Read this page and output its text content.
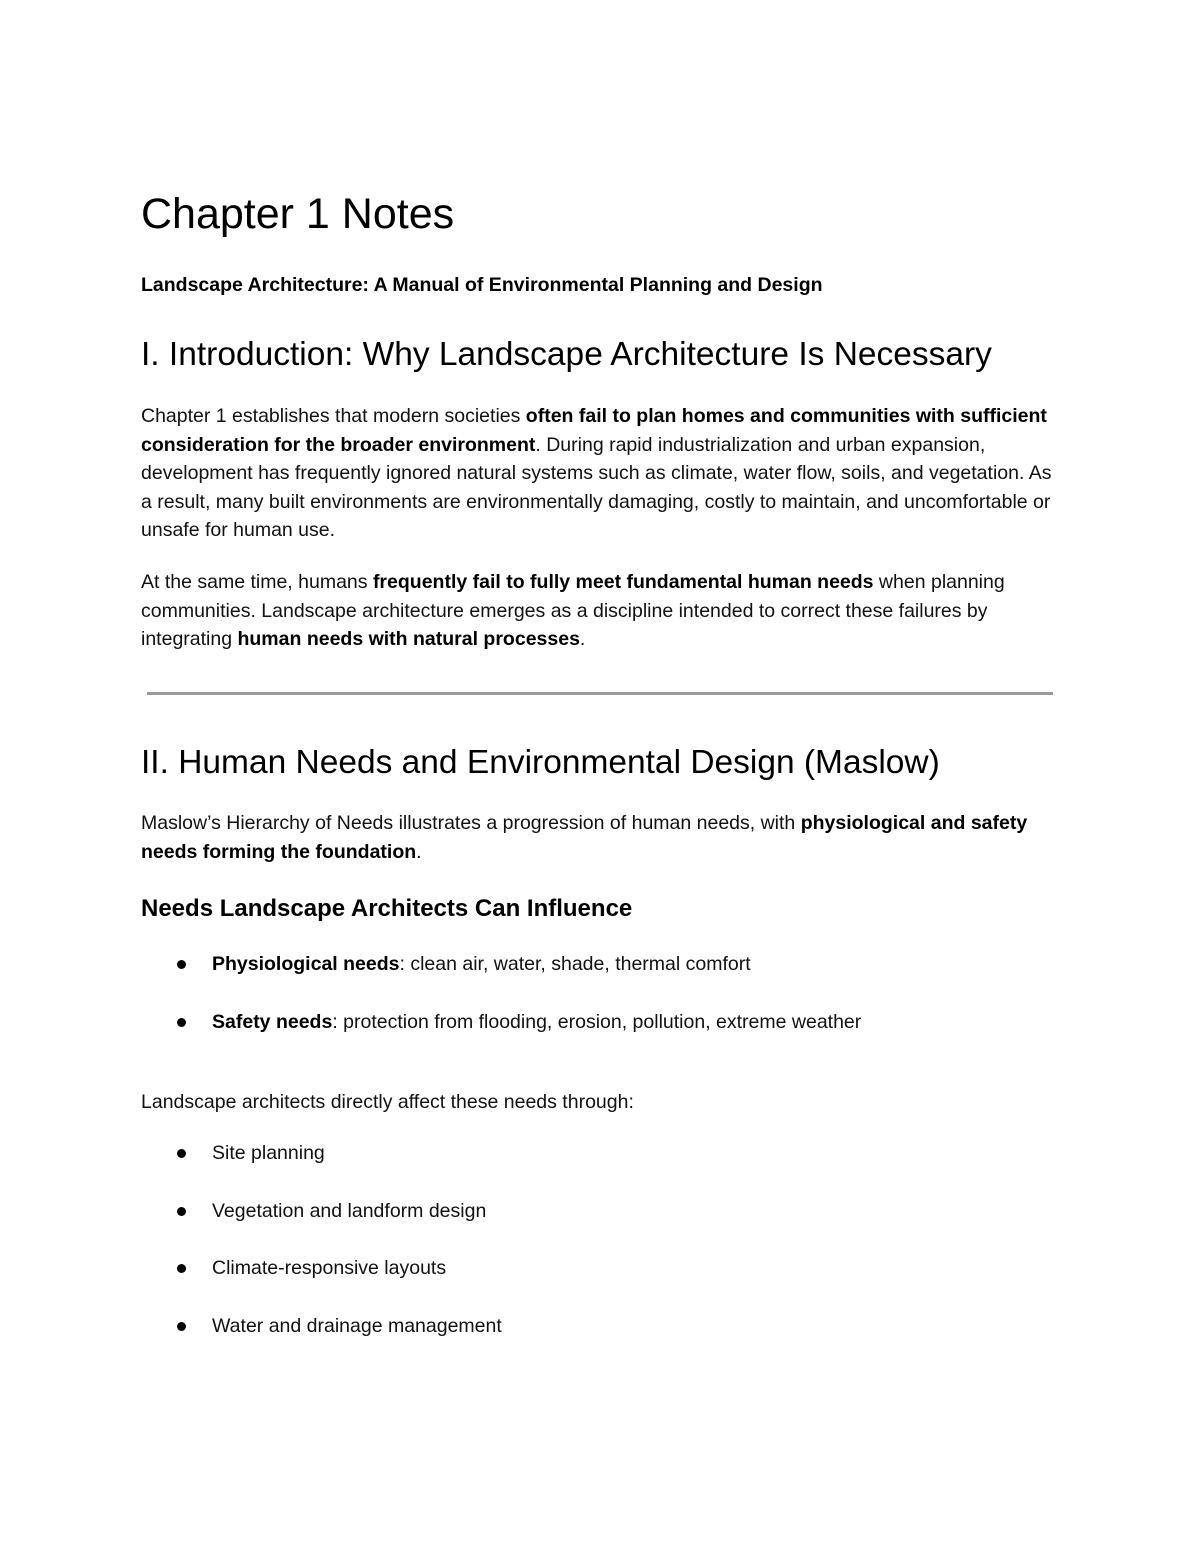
Chapter 1 Notes

Landscape Architecture: A Manual of Environmental Planning and Design

I. Introduction: Why Landscape Architecture Is Necessary

Chapter 1 establishes that modern societies often fail to plan homes and communities with sufficient consideration for the broader environment. During rapid industrialization and urban expansion, development has frequently ignored natural systems such as climate, water flow, soils, and vegetation. As a result, many built environments are environmentally damaging, costly to maintain, and uncomfortable or unsafe for human use.

At the same time, humans frequently fail to fully meet fundamental human needs when planning communities. Landscape architecture emerges as a discipline intended to correct these failures by integrating human needs with natural processes.

II. Human Needs and Environmental Design (Maslow)

Maslow’s Hierarchy of Needs illustrates a progression of human needs, with physiological and safety needs forming the foundation.

Needs Landscape Architects Can Influence
Physiological needs: clean air, water, shade, thermal comfort
Safety needs: protection from flooding, erosion, pollution, extreme weather

Landscape architects directly affect these needs through:

Site planning
Vegetation and landform design
Climate-responsive layouts
Water and drainage management
